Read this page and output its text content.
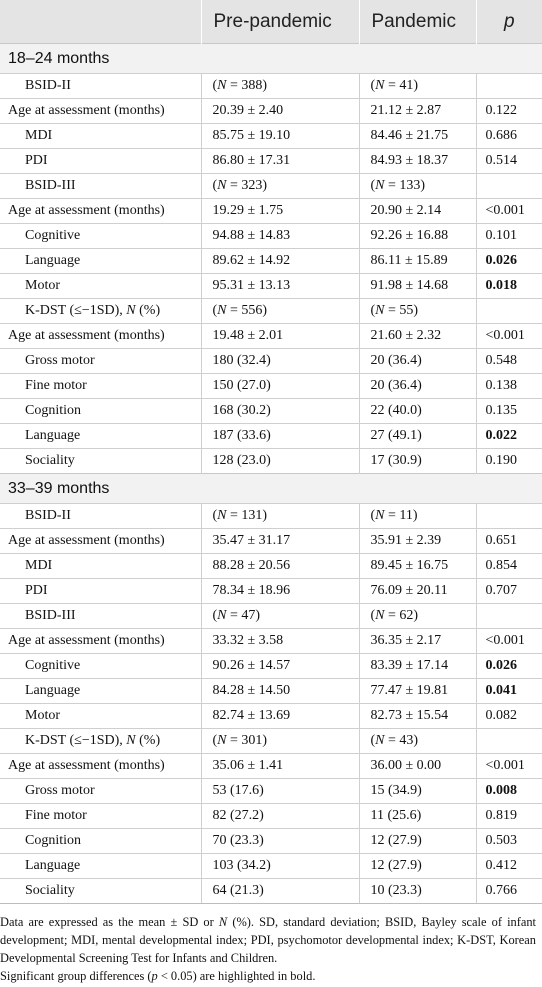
	Pre-pandemic	Pandemic	p
18–24 months			
BSID-II	(N = 388)	(N = 41)	
Age at assessment (months)	20.39 ± 2.40	21.12 ± 2.87	0.122
MDI	85.75 ± 19.10	84.46 ± 21.75	0.686
PDI	86.80 ± 17.31	84.93 ± 18.37	0.514
BSID-III	(N = 323)	(N = 133)	
Age at assessment (months)	19.29 ± 1.75	20.90 ± 2.14	<0.001
Cognitive	94.88 ± 14.83	92.26 ± 16.88	0.101
Language	89.62 ± 14.92	86.11 ± 15.89	0.026
Motor	95.31 ± 13.13	91.98 ± 14.68	0.018
K-DST (≤−1SD), N (%)	(N = 556)	(N = 55)	
Age at assessment (months)	19.48 ± 2.01	21.60 ± 2.32	<0.001
Gross motor	180 (32.4)	20 (36.4)	0.548
Fine motor	150 (27.0)	20 (36.4)	0.138
Cognition	168 (30.2)	22 (40.0)	0.135
Language	187 (33.6)	27 (49.1)	0.022
Sociality	128 (23.0)	17 (30.9)	0.190
33–39 months			
BSID-II	(N = 131)	(N = 11)	
Age at assessment (months)	35.47 ± 31.17	35.91 ± 2.39	0.651
MDI	88.28 ± 20.56	89.45 ± 16.75	0.854
PDI	78.34 ± 18.96	76.09 ± 20.11	0.707
BSID-III	(N = 47)	(N = 62)	
Age at assessment (months)	33.32 ± 3.58	36.35 ± 2.17	<0.001
Cognitive	90.26 ± 14.57	83.39 ± 17.14	0.026
Language	84.28 ± 14.50	77.47 ± 19.81	0.041
Motor	82.74 ± 13.69	82.73 ± 15.54	0.082
K-DST (≤−1SD), N (%)	(N = 301)	(N = 43)	
Age at assessment (months)	35.06 ± 1.41	36.00 ± 0.00	<0.001
Gross motor	53 (17.6)	15 (34.9)	0.008
Fine motor	82 (27.2)	11 (25.6)	0.819
Cognition	70 (23.3)	12 (27.9)	0.503
Language	103 (34.2)	12 (27.9)	0.412
Sociality	64 (21.3)	10 (23.3)	0.766

Data are expressed as the mean ± SD or N (%). SD, standard deviation; BSID, Bayley scale of infant development; MDI, mental developmental index; PDI, psychomotor developmental index; K-DST, Korean Developmental Screening Test for Infants and Children.

Significant group differences (p < 0.05) are highlighted in bold.
